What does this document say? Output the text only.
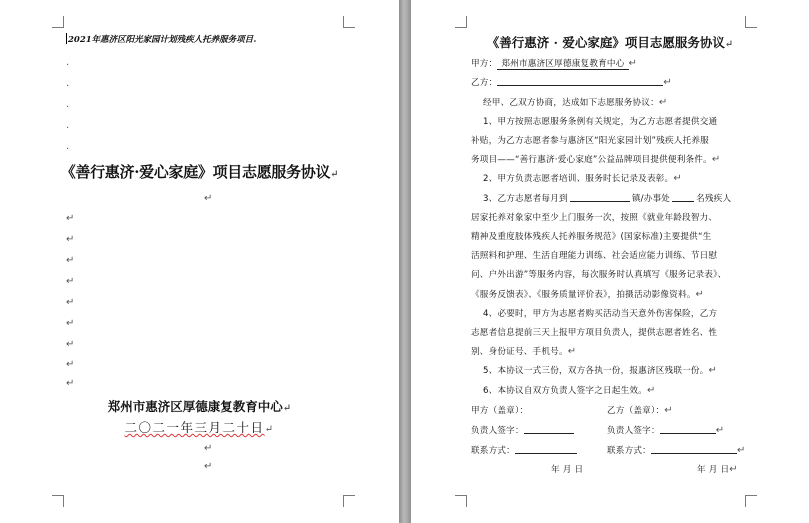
2021年惠济区阳光家园计划残疾人托养服务项目.
.
.
.
.
.
《善行惠济·爱心家庭》项目志愿服务协议↵
↵
↵
↵
↵
↵
↵
↵
↵
↵
↵
郑州市惠济区厚德康复教育中心↵
二〇二一年三月二十日↵
↵
↵
《善行惠济 · 爱心家庭》项目志愿服务协议↵
甲方： 郑州市惠济区厚德康复教育中心 ↵
乙方：	↵
经甲、乙双方协商，达成如下志愿服务协议：↵
1、甲方按照志愿服务条例有关规定，为乙方志愿者提供交通
补贴，为乙方志愿者参与惠济区“阳光家园计划”残疾人托养服
务项目——“善行惠济·爱心家庭”公益品牌项目提供便利条件。↵
2、甲方负责志愿者培训、服务时长记录及表彰。↵
3、乙方志愿者每月到	镇/办事处	名残疾人
居家托养对象家中至少上门服务一次，按照《就业年龄段智力、
精神及重度肢体残疾人托养服务规范》(国家标准)主要提供“生
活照料和护理、生活自理能力训练、社会适应能力训练、节日慰
问、户外出游”等服务内容，每次服务时认真填写《服务记录表》、
《服务反馈表》、《服务质量评价表》，拍摄活动影像资料。↵
4、必要时，甲方为志愿者购买活动当天意外伤害保险，乙方
志愿者信息提前三天上报甲方项目负责人，提供志愿者姓名、性
别、身份证号、手机号。↵
5、本协议一式三份，双方各执一份，报惠济区残联一份。↵
6、本协议自双方负责人签字之日起生效。↵
甲方（盖章）：	乙方（盖章）：↵
负责人签字：	负责人签字：	↵
联系方式：	联系方式：	↵
年 月 日	年 月 日↵
